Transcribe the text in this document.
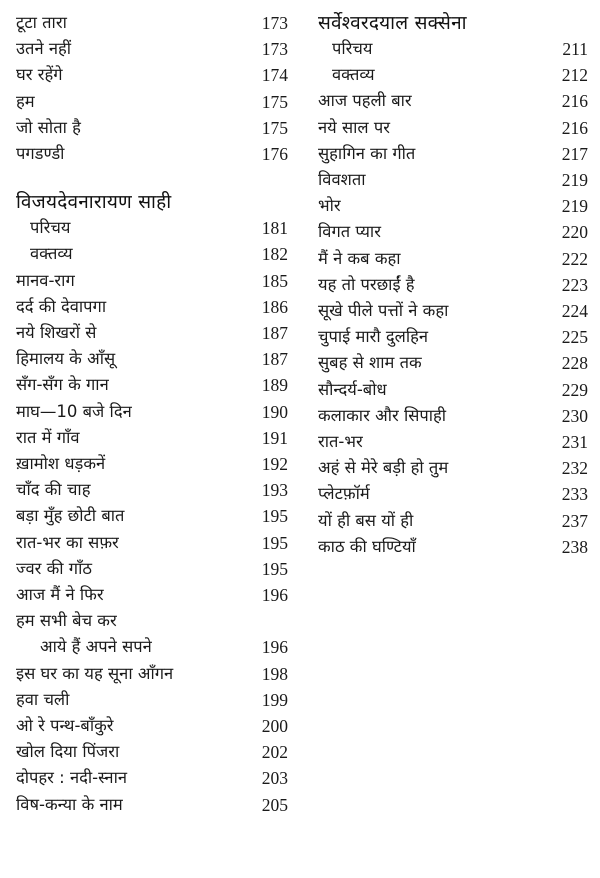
टूटा तारा	173
उतने नहीं	173
घर रहेंगे	174
हम	175
जो सोता है	175
पगडण्डी	176
विजयदेवनारायण साही
परिचय	181
वक्तव्य	182
मानव-राग	185
दर्द की देवापगा	186
नये शिखरों से	187
हिमालय के आँसू	187
सँग-सँग के गान	189
माघ—10 बजे दिन	190
रात में गाँव	191
ख़ामोश धड़कनें	192
चाँद की चाह	193
बड़ा मुँह छोटी बात	195
रात-भर का सफ़र	195
ज्वर की गाँठ	195
आज मैं ने फिर	196
हम सभी बेच कर
आये हैं अपने सपने	196
इस घर का यह सूना आँगन	198
हवा चली	199
ओ रे पन्थ-बाँकुरे	200
खोल दिया पिंजरा	202
दोपहर : नदी-स्नान	203
विष-कन्या के नाम	205
सर्वेश्वरदयाल सक्सेना
परिचय	211
वक्तव्य	212
आज पहली बार	216
नये साल पर	216
सुहागिन का गीत	217
विवशता	219
भोर	219
विगत प्यार	220
मैं ने कब कहा	222
यह तो परछाईं है	223
सूखे पीले पत्तों ने कहा	224
चुपाई मारौ दुलहिन	225
सुबह से शाम तक	228
सौन्दर्य-बोध	229
कलाकार और सिपाही	230
रात-भर	231
अहं से मेरे बड़ी हो तुम	232
प्लेटफ़ॉर्म	233
यों ही बस यों ही	237
काठ की घण्टियाँ	238
